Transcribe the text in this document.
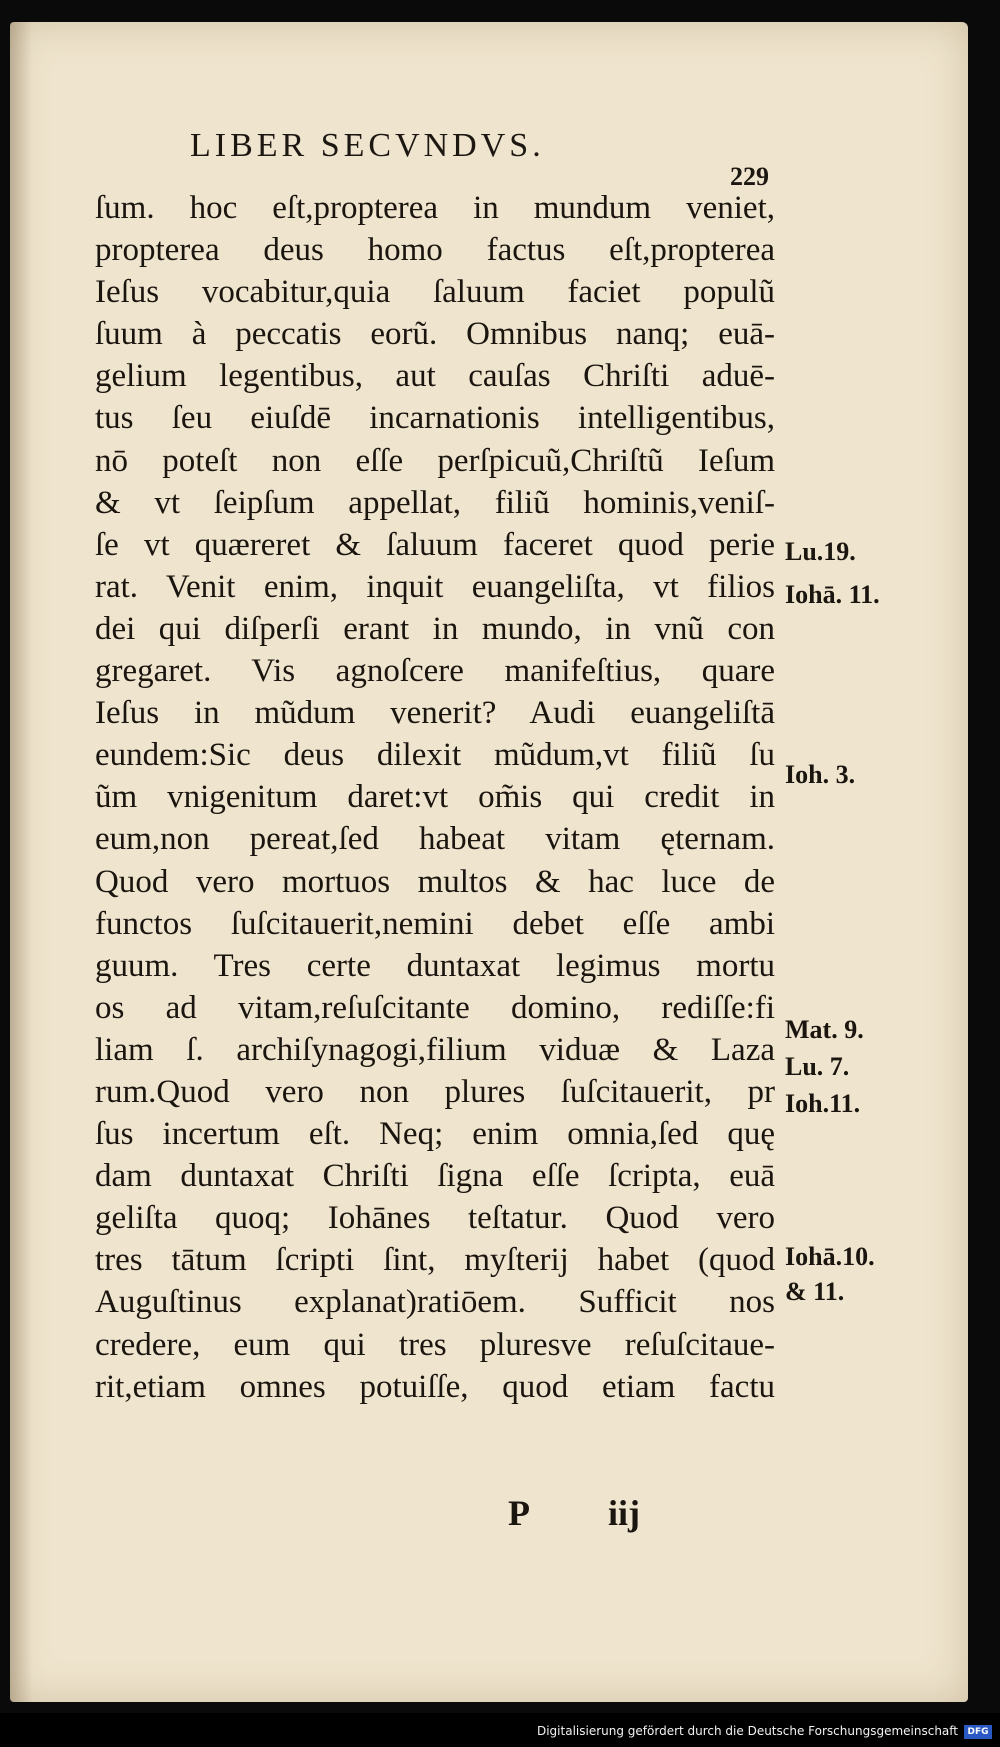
LIBER SECVNDVS.
229
ſum. hoc eſt,propterea in mundum veniet,
propterea deus homo factus eſt,propterea
Ieſus vocabitur,quia ſaluum faciet populũ
ſuum à peccatis eorũ. Omnibus nanq; euā-
gelium legentibus, aut cauſas Chriſti aduē-
tus ſeu eiuſdē incarnationis intelligentibus,
nō poteſt non eſſe perſpicuũ,Chriſtũ Ieſum
& vt ſeipſum appellat, filiũ hominis,veniſ-
ſe vt quæreret & ſaluum faceret quod perie
rat. Venit enim, inquit euangeliſta, vt filios
dei qui diſperſi erant in mundo, in vnũ con
gregaret. Vis agnoſcere manifeſtius, quare
Ieſus in mũdum venerit? Audi euangeliſtā
eundem:Sic deus dilexit mũdum,vt filiũ ſu
ũm vnigenitum daret:vt om̃is qui credit in
eum,non pereat,ſed habeat vitam ęternam.
Quod vero mortuos multos & hac luce de
functos ſuſcitauerit,nemini debet eſſe ambi
guum. Tres certe duntaxat legimus mortu
os ad vitam,reſuſcitante domino, rediſſe:fi
liam ſ. archiſynagogi,filium viduæ & Laza
rum.Quod vero non plures ſuſcitauerit, pr
ſus incertum eſt. Neq; enim omnia,ſed quę
dam duntaxat Chriſti ſigna eſſe ſcripta, euā
geliſta quoq; Iohānes teſtatur. Quod vero
tres tātum ſcripti ſint, myſterij habet (quod
Auguſtinus explanat)ratiōem. Sufficit nos
credere, eum qui tres pluresve reſuſcitaue-
rit,etiam omnes potuiſſe, quod etiam factu
Lu.19.
Iohā. 11.
Ioh. 3.
Mat. 9.
Lu. 7.
Ioh.11.
Iohā.10.
& 11.
P iij
Digitalisierung gefördert durch die Deutsche Forschungsgemeinschaft	DFG
